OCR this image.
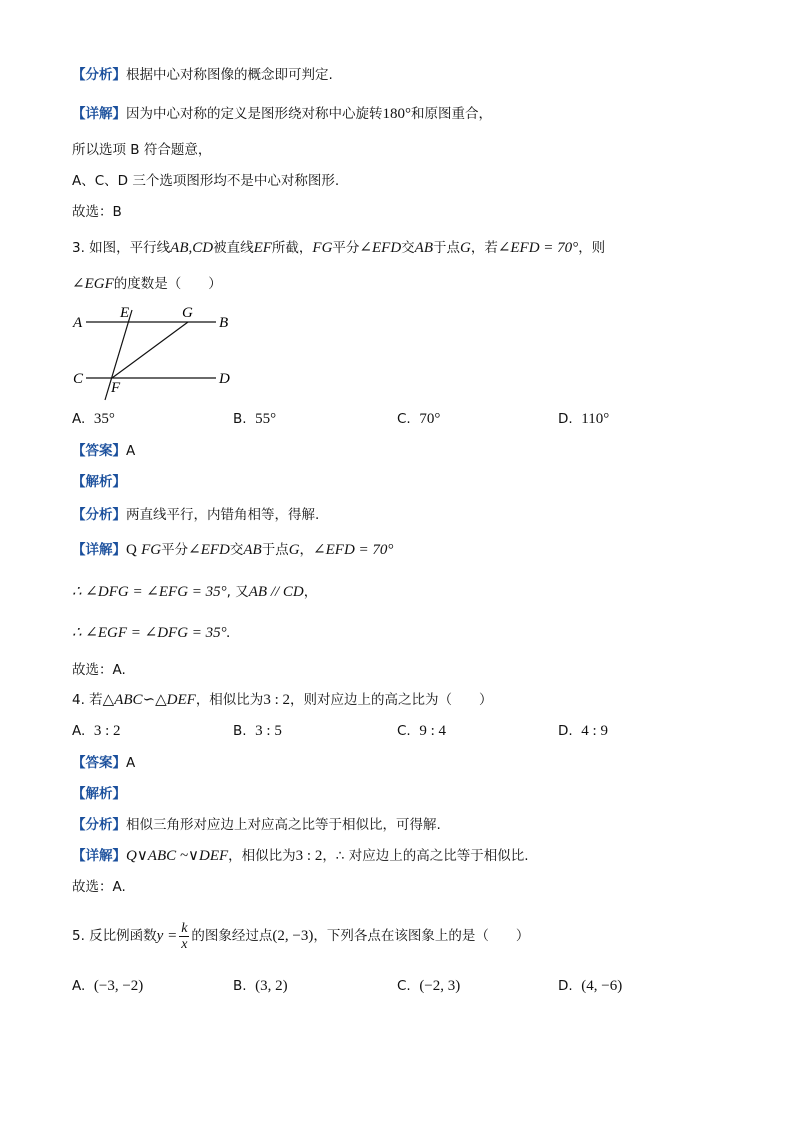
【分析】根据中心对称图像的概念即可判定.
【详解】因为中心对称的定义是图形绕对称中心旋转180°和原图重合，
所以选项 B 符合题意，
A、C、D 三个选项图形均不是中心对称图形.
故选：B
3. 如图，平行线AB,CD被直线EF所截，FG平分∠EFD交AB于点G，若∠EFD = 70°，则
∠EGF的度数是（　　）
A	B
C	D
E
F
G
A. 35°	B. 55°	C. 70°	D. 110°
【答案】A
【解析】
【分析】两直线平行，内错角相等，得解.
【详解】Q FG平分∠EFD交AB于点G，∠EFD = 70°
∴ ∠DFG = ∠EFG = 35°, 又AB // CD，
∴ ∠EGF = ∠DFG = 35°.
故选：A.
4. 若△ABC∽△DEF，相似比为3 : 2，则对应边上的高之比为（　　）
A. 3 : 2	B. 3 : 5	C. 9 : 4	D. 4 : 9
【答案】A
【解析】
【分析】相似三角形对应边上对应高之比等于相似比，可得解.
【详解】Q∨ABC ~∨DEF，相似比为3 : 2，∴ 对应边上的高之比等于相似比.
故选：A.
5. 反比例函数$y = \frac{k}{x}$ 的图象经过点(2, −3)，下列各点在该图象上的是（　　）
A. (−3, −2)	B. (3, 2)	C. (−2, 3)	D. (4, −6)
